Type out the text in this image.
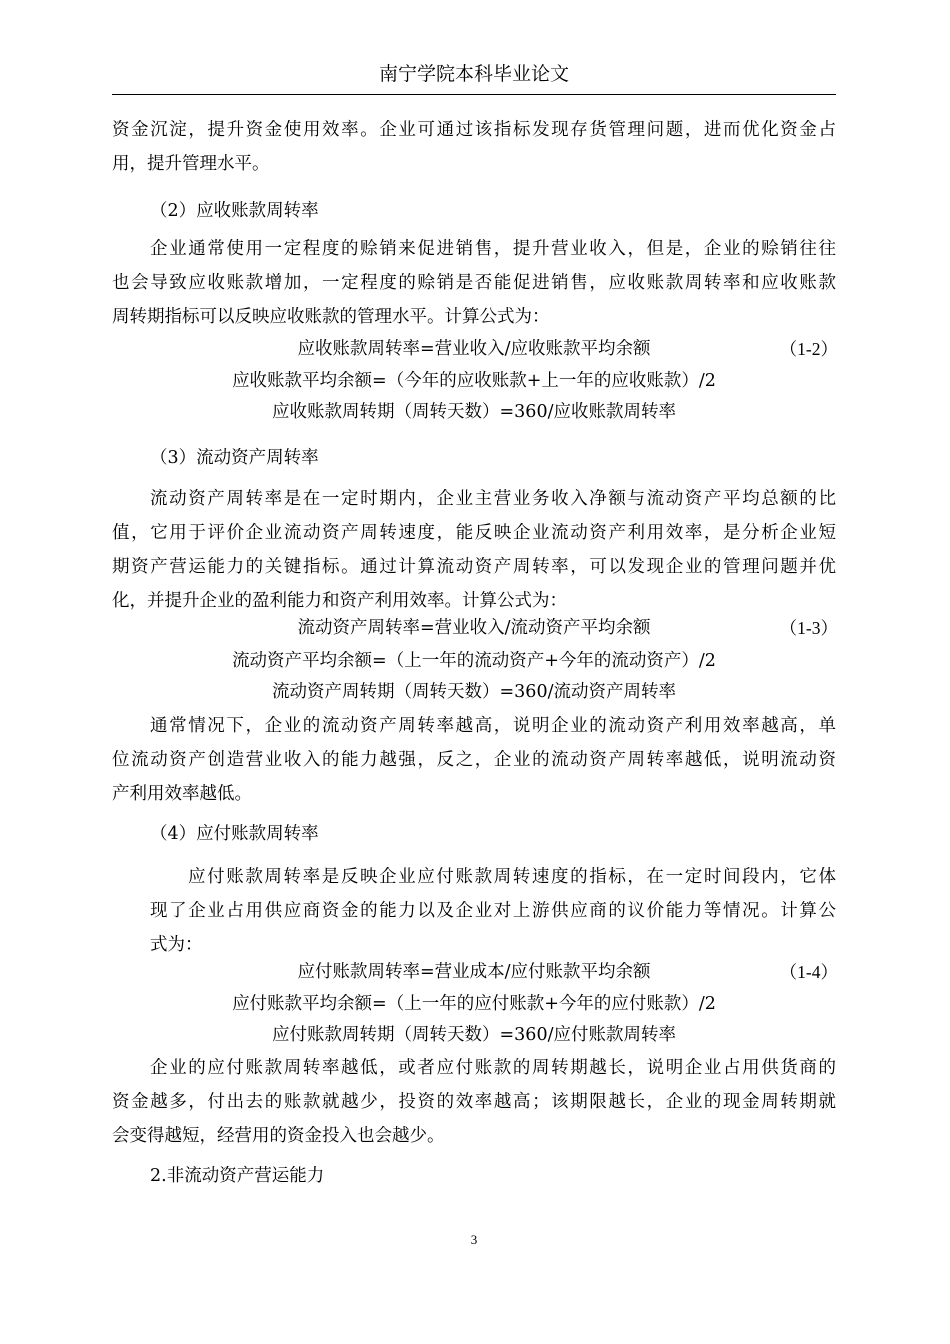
南宁学院本科毕业论文
资金沉淀，提升资金使用效率。企业可通过该指标发现存货管理问题，进而优化资金占
用，提升管理水平。
（2）应收账款周转率
企业通常使用一定程度的赊销来促进销售，提升营业收入，但是，企业的赊销往往
也会导致应收账款增加，一定程度的赊销是否能促进销售，应收账款周转率和应收账款
周转期指标可以反映应收账款的管理水平。计算公式为：
（3）流动资产周转率
流动资产周转率是在一定时期内，企业主营业务收入净额与流动资产平均总额的比
值，它用于评价企业流动资产周转速度，能反映企业流动资产利用效率，是分析企业短
期资产营运能力的关键指标。通过计算流动资产周转率，可以发现企业的管理问题并优
化，并提升企业的盈利能力和资产利用效率。计算公式为：
通常情况下，企业的流动资产周转率越高，说明企业的流动资产利用效率越高，单
位流动资产创造营业收入的能力越强，反之，企业的流动资产周转率越低，说明流动资
产利用效率越低。
（4）应付账款周转率
应付账款周转率是反映企业应付账款周转速度的指标，在一定时间段内，它体
现了企业占用供应商资金的能力以及企业对上游供应商的议价能力等情况。计算公
式为：
企业的应付账款周转率越低，或者应付账款的周转期越长，说明企业占用供货商的
资金越多，付出去的账款就越少，投资的效率越高；该期限越长，企业的现金周转期就
会变得越短，经营用的资金投入也会越少。
2.非流动资产营运能力
应收账款周转率=营业收入/应收账款平均余额	（1-2）
应收账款平均余额=（今年的应收账款+上一年的应收账款）/2
应收账款周转期（周转天数）=360/应收账款周转率
流动资产周转率=营业收入/流动资产平均余额	（1-3）
流动资产平均余额=（上一年的流动资产+今年的流动资产）/2
流动资产周转期（周转天数）=360/流动资产周转率
应付账款周转率=营业成本/应付账款平均余额	（1-4）
应付账款平均余额=（上一年的应付账款+今年的应付账款）/2
应付账款周转期（周转天数）=360/应付账款周转率
3
